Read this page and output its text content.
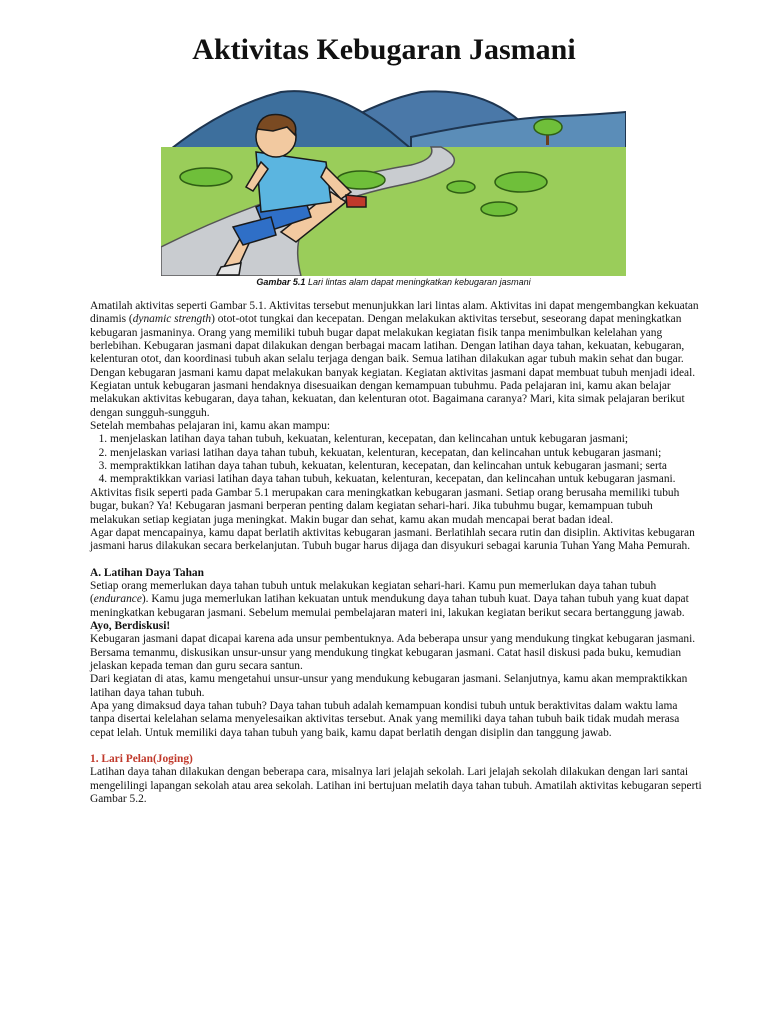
Aktivitas Kebugaran Jasmani
Gambar 5.1 Lari lintas alam dapat meningkatkan kebugaran jasmani

Amatilah aktivitas seperti Gambar 5.1. Aktivitas tersebut menunjukkan lari lintas alam. Aktivitas ini dapat mengembangkan kekuatan dinamis (dynamic strength) otot-otot tungkai dan kecepatan. Dengan melakukan aktivitas tersebut, seseorang dapat meningkatkan kebugaran jasmaninya. Orang yang memiliki tubuh bugar dapat melakukan kegiatan fisik tanpa menimbulkan kelelahan yang berlebihan. Kebugaran jasmani dapat dilakukan dengan berbagai macam latihan. Dengan latihan daya tahan, kekuatan, kebugaran, kelenturan otot, dan koordinasi tubuh akan selalu terjaga dengan baik. Semua latihan dilakukan agar tubuh makin sehat dan bugar. Dengan kebugaran jasmani kamu dapat melakukan banyak kegiatan. Kegiatan aktivitas jasmani dapat membuat tubuh menjadi ideal.

Kegiatan untuk kebugaran jasmani hendaknya disesuaikan dengan kemampuan tubuhmu. Pada pelajaran ini, kamu akan belajar melakukan aktivitas kebugaran, daya tahan, kekuatan, dan kelenturan otot. Bagaimana caranya? Mari, kita simak pelajaran berikut dengan sungguh-sungguh.

Setelah membahas pelajaran ini, kamu akan mampu:

1. menjelaskan latihan daya tahan tubuh, kekuatan, kelenturan, kecepatan, dan kelincahan untuk kebugaran jasmani;
2. menjelaskan variasi latihan daya tahan tubuh, kekuatan, kelenturan, kecepatan, dan kelincahan untuk kebugaran jasmani;
3. mempraktikkan latihan daya tahan tubuh, kekuatan, kelenturan, kecepatan, dan kelincahan untuk kebugaran jasmani; serta
4. mempraktikkan variasi latihan daya tahan tubuh, kekuatan, kelenturan, kecepatan, dan kelincahan untuk kebugaran jasmani.

Aktivitas fisik seperti pada Gambar 5.1 merupakan cara meningkatkan kebugaran jasmani. Setiap orang berusaha memiliki tubuh bugar, bukan? Ya! Kebugaran jasmani berperan penting dalam kegiatan sehari-hari. Jika tubuhmu bugar, kemampuan tubuh melakukan setiap kegiatan juga meningkat. Makin bugar dan sehat, kamu akan mudah mencapai berat badan ideal.

Agar dapat mencapainya, kamu dapat berlatih aktivitas kebugaran jasmani. Berlatihlah secara rutin dan disiplin. Aktivitas kebugaran jasmani harus dilakukan secara berkelanjutan. Tubuh bugar harus dijaga dan disyukuri sebagai karunia Tuhan Yang Maha Pemurah.

A. Latihan Daya Tahan

Setiap orang memerlukan daya tahan tubuh untuk melakukan kegiatan sehari-hari. Kamu pun memerlukan daya tahan tubuh (endurance). Kamu juga memerlukan latihan kekuatan untuk mendukung daya tahan tubuh kuat. Daya tahan tubuh yang kuat dapat meningkatkan kebugaran jasmani. Sebelum memulai pembelajaran materi ini, lakukan kegiatan berikut secara bertanggung jawab.

Ayo, Berdiskusi!

Kebugaran jasmani dapat dicapai karena ada unsur pembentuknya. Ada beberapa unsur yang mendukung tingkat kebugaran jasmani. Bersama temanmu, diskusikan unsur-unsur yang mendukung tingkat kebugaran jasmani. Catat hasil diskusi pada buku, kemudian jelaskan kepada teman dan guru secara santun.

Dari kegiatan di atas, kamu mengetahui unsur-unsur yang mendukung kebugaran jasmani. Selanjutnya, kamu akan mempraktikkan latihan daya tahan tubuh.

Apa yang dimaksud daya tahan tubuh? Daya tahan tubuh adalah kemampuan kondisi tubuh untuk beraktivitas dalam waktu lama tanpa disertai kelelahan selama menyelesaikan aktivitas tersebut. Anak yang memiliki daya tahan tubuh baik tidak mudah merasa cepat lelah. Untuk memiliki daya tahan tubuh yang baik, kamu dapat berlatih dengan disiplin dan tanggung jawab.

1. Lari Pelan(Joging)

Latihan daya tahan dilakukan dengan beberapa cara, misalnya lari jelajah sekolah. Lari jelajah sekolah dilakukan dengan lari santai mengelilingi lapangan sekolah atau area sekolah. Latihan ini bertujuan melatih daya tahan tubuh. Amatilah aktivitas kebugaran seperti Gambar 5.2.
